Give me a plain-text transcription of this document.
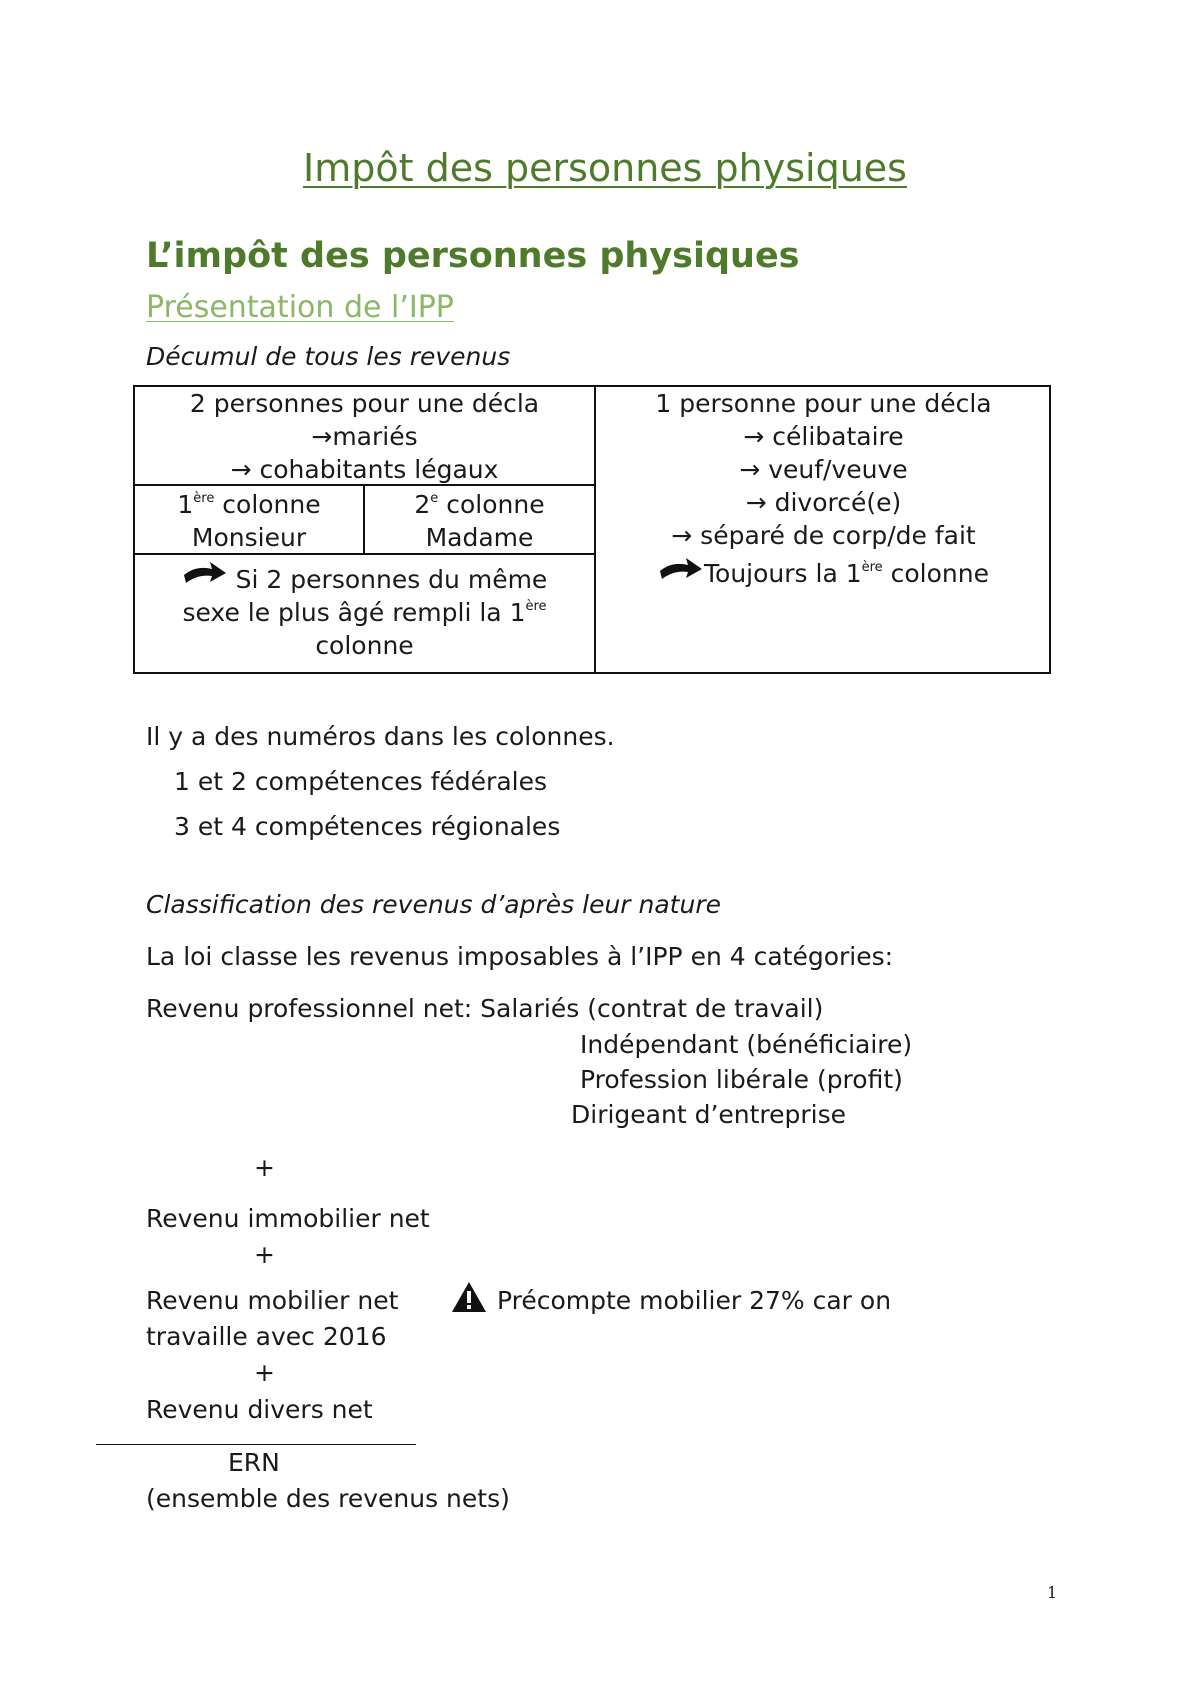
Impôt des personnes physiques
L’impôt des personnes physiques
Présentation de l’IPP
Décumul de tous les revenus
2 personnes pour une décla
→mariés
→ cohabitants légaux
1ère colonne
Monsieur
2e colonne
Madame
Si 2 personnes du même
sexe le plus âgé rempli la 1ère
colonne
1 personne pour une décla
→ célibataire
→ veuf/veuve
→ divorcé(e)
→ séparé de corp/de fait
Toujours la 1ère colonne
Il y a des numéros dans les colonnes.
1 et 2 compétences fédérales
3 et 4 compétences régionales
Classification des revenus d’après leur nature
La loi classe les revenus imposables à l’IPP en 4 catégories:
Revenu professionnel net: Salariés (contrat de travail)
Indépendant (bénéficiaire)
Profession libérale (profit)
Dirigeant d’entreprise
+
Revenu immobilier net
+
Revenu mobilier net	Précompte mobilier 27% car on
travaille avec 2016
+
Revenu divers net
ERN
(ensemble des revenus nets)
1
